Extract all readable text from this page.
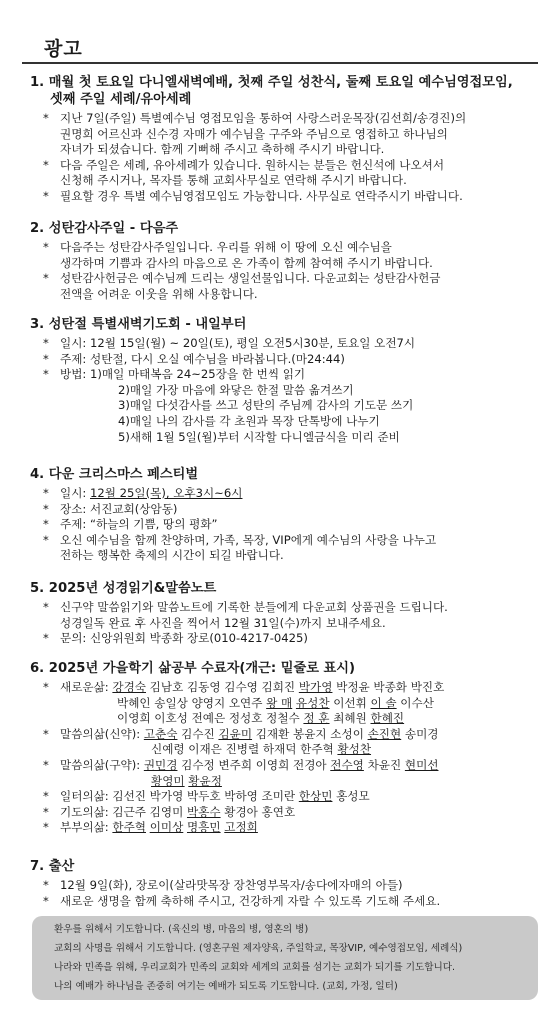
광고
1. 매월 첫 토요일 다니엘새벽예배, 첫째 주일 성찬식, 둘째 토요일 예수님영접모임,
셋째 주일 세례/유아세례
* 지난 7일(주일) 특별예수님 영접모임을 통하여 사랑스러운목장(김선희/송경진)의
권명희 어르신과 신수경 자매가 예수님을 구주와 주님으로 영접하고 하나님의
자녀가 되셨습니다. 함께 기뻐해 주시고 축하해 주시기 바랍니다.
* 다음 주일은 세례, 유아세례가 있습니다. 원하시는 분들은 헌신석에 나오셔서
신청해 주시거나, 목자를 통해 교회사무실로 연락해 주시기 바랍니다.
* 필요할 경우 특별 예수님영접모임도 가능합니다. 사무실로 연락주시기 바랍니다.
2. 성탄감사주일 - 다음주
* 다음주는 성탄감사주일입니다. 우리를 위해 이 땅에 오신 예수님을
생각하며 기쁨과 감사의 마음으로 온 가족이 함께 참여해 주시기 바랍니다.
* 성탄감사헌금은 예수님께 드리는 생일선물입니다. 다운교회는 성탄감사헌금
전액을 어려운 이웃을 위해 사용합니다.
3. 성탄절 특별새벽기도회 - 내일부터
* 일시: 12월 15일(월) ~ 20일(토), 평일 오전5시30분, 토요일 오전7시
* 주제: 성탄절, 다시 오실 예수님을 바라봅니다.(마24:44)
* 방법: 1)매일 마태복음 24~25장을 한 번씩 읽기
2)매일 가장 마음에 와닿은 한절 말씀 옮겨쓰기
3)매일 다섯감사를 쓰고 성탄의 주님께 감사의 기도문 쓰기
4)매일 나의 감사를 각 초원과 목장 단톡방에 나누기
5)새해 1월 5일(월)부터 시작할 다니엘금식을 미리 준비
4. 다운 크리스마스 페스티벌
* 일시: 12월 25일(목), 오후3시~6시
* 장소: 서진교회(상암동)
* 주제: “하늘의 기쁨, 땅의 평화”
* 오신 예수님을 함께 찬양하며, 가족, 목장, VIP에게 예수님의 사랑을 나누고
전하는 행복한 축제의 시간이 되길 바랍니다.
5. 2025년 성경읽기&말씀노트
* 신구약 말씀읽기와 말씀노트에 기록한 분들에게 다운교회 상품권을 드립니다.
성경일독 완료 후 사진을 찍어서 12월 31일(수)까지 보내주세요.
* 문의: 신앙위원회 박종화 장로(010-4217-0425)
6. 2025년 가을학기 삶공부 수료자(개근: 밑줄로 표시)
* 새로운삶: 강경숙 김남호 김동영 김수영 김희진 박가영 박정윤 박종화 박진호
박혜인 송일상 양영지 오연주 왕 매 유성찬 이선휘 이 솔 이수산
이영희 이호성 전예은 정성호 정철수 정 훈 최혜원 한혜진
* 말씀의삶(신약): 고춘숙 김수진 김윤미 김재환 봉윤지 소성이 손진현 송미경
신예령 이재은 진병렬 하재덕 한주혁 황성찬
* 말씀의삶(구약): 권민경 김수정 변주희 이영희 전경아 전수영 차윤진 현미선
황영미 황윤정
* 일터의삶: 김선진 박가영 박두호 박하영 조미란 한상민 홍성모
* 기도의삶: 김근주 김영미 박홍수 황경아 홍연호
* 부부의삶: 한주혁 이미상 명흥민 고정희
7. 출산
* 12월 9일(화), 장로이(살라맛목장 장찬영부목자/송다에자매의 아들)
* 새로운 생명을 함께 축하해 주시고, 건강하게 자랄 수 있도록 기도해 주세요.
환우를 위해서 기도합니다. (육신의 병, 마음의 병, 영혼의 병)
교회의 사명을 위해서 기도합니다. (영혼구원 제자양육, 주일학교, 목장VIP, 예수영접모임, 세례식)
나라와 민족을 위해, 우리교회가 민족의 교회와 세계의 교회를 섬기는 교회가 되기를 기도합니다.
나의 예배가 하나님을 존중히 여기는 예배가 되도록 기도합니다. (교회, 가정, 일터)
